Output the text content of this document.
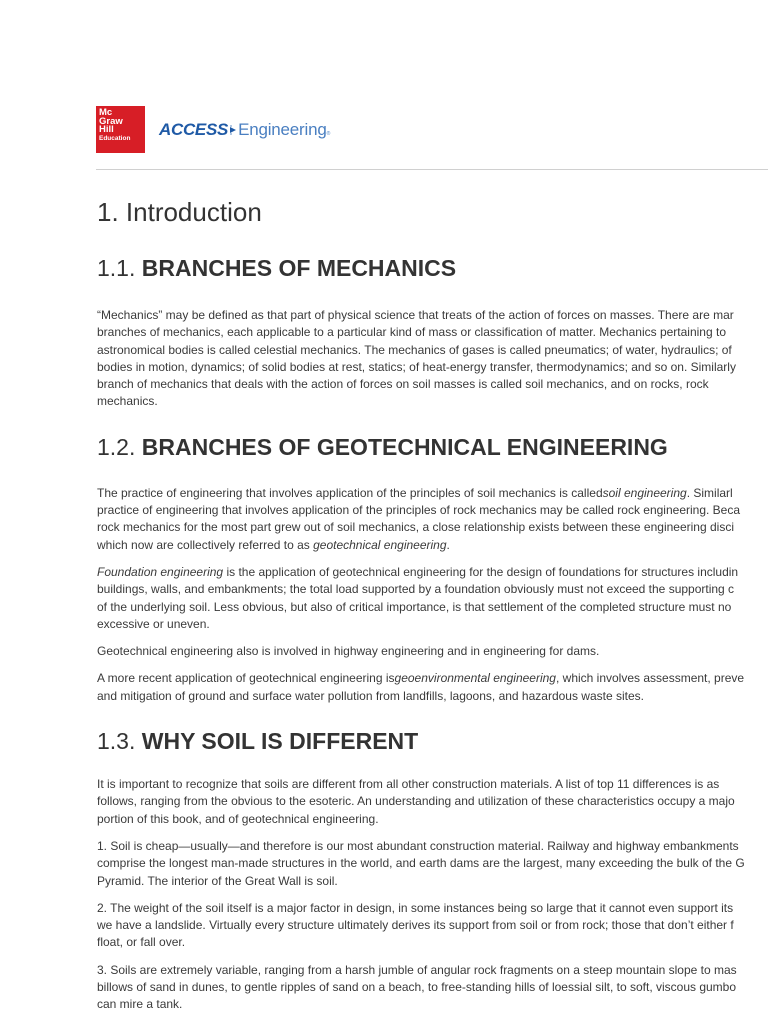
Mc
Graw
Hill
Education	ACCESS Engineering ®
1. Introduction
1.1. BRANCHES OF MECHANICS

“Mechanics” may be defined as that part of physical science that treats of the action of forces on masses. There are mar

branches of mechanics, each applicable to a particular kind of mass or classification of matter. Mechanics pertaining to

astronomical bodies is called celestial mechanics. The mechanics of gases is called pneumatics; of water, hydraulics; of

bodies in motion, dynamics; of solid bodies at rest, statics; of heat-energy transfer, thermodynamics; and so on. Similarly

branch of mechanics that deals with the action of forces on soil masses is called soil mechanics, and on rocks, rock

mechanics.

1.2. BRANCHES OF GEOTECHNICAL ENGINEERING

The practice of engineering that involves application of the principles of soil mechanics is calledsoil engineering. Similarl

practice of engineering that involves application of the principles of rock mechanics may be called rock engineering. Beca

rock mechanics for the most part grew out of soil mechanics, a close relationship exists between these engineering disci

which now are collectively referred to as geotechnical engineering.

Foundation engineering is the application of geotechnical engineering for the design of foundations for structures includin

buildings, walls, and embankments; the total load supported by a foundation obviously must not exceed the supporting c

of the underlying soil. Less obvious, but also of critical importance, is that settlement of the completed structure must no

excessive or uneven.

Geotechnical engineering also is involved in highway engineering and in engineering for dams.

A more recent application of geotechnical engineering isgeoenvironmental engineering, which involves assessment, preve

and mitigation of ground and surface water pollution from landfills, lagoons, and hazardous waste sites.

1.3. WHY SOIL IS DIFFERENT

It is important to recognize that soils are different from all other construction materials. A list of top 11 differences is as

follows, ranging from the obvious to the esoteric. An understanding and utilization of these characteristics occupy a majo

portion of this book, and of geotechnical engineering.

1. Soil is cheap—usually—and therefore is our most abundant construction material. Railway and highway embankments

comprise the longest man-made structures in the world, and earth dams are the largest, many exceeding the bulk of the G

Pyramid. The interior of the Great Wall is soil.

2. The weight of the soil itself is a major factor in design, in some instances being so large that it cannot even support its

we have a landslide. Virtually every structure ultimately derives its support from soil or from rock; those that don’t either f

float, or fall over.

3. Soils are extremely variable, ranging from a harsh jumble of angular rock fragments on a steep mountain slope to mas

billows of sand in dunes, to gentle ripples of sand on a beach, to free-standing hills of loessial silt, to soft, viscous gumbo

can mire a tank.
